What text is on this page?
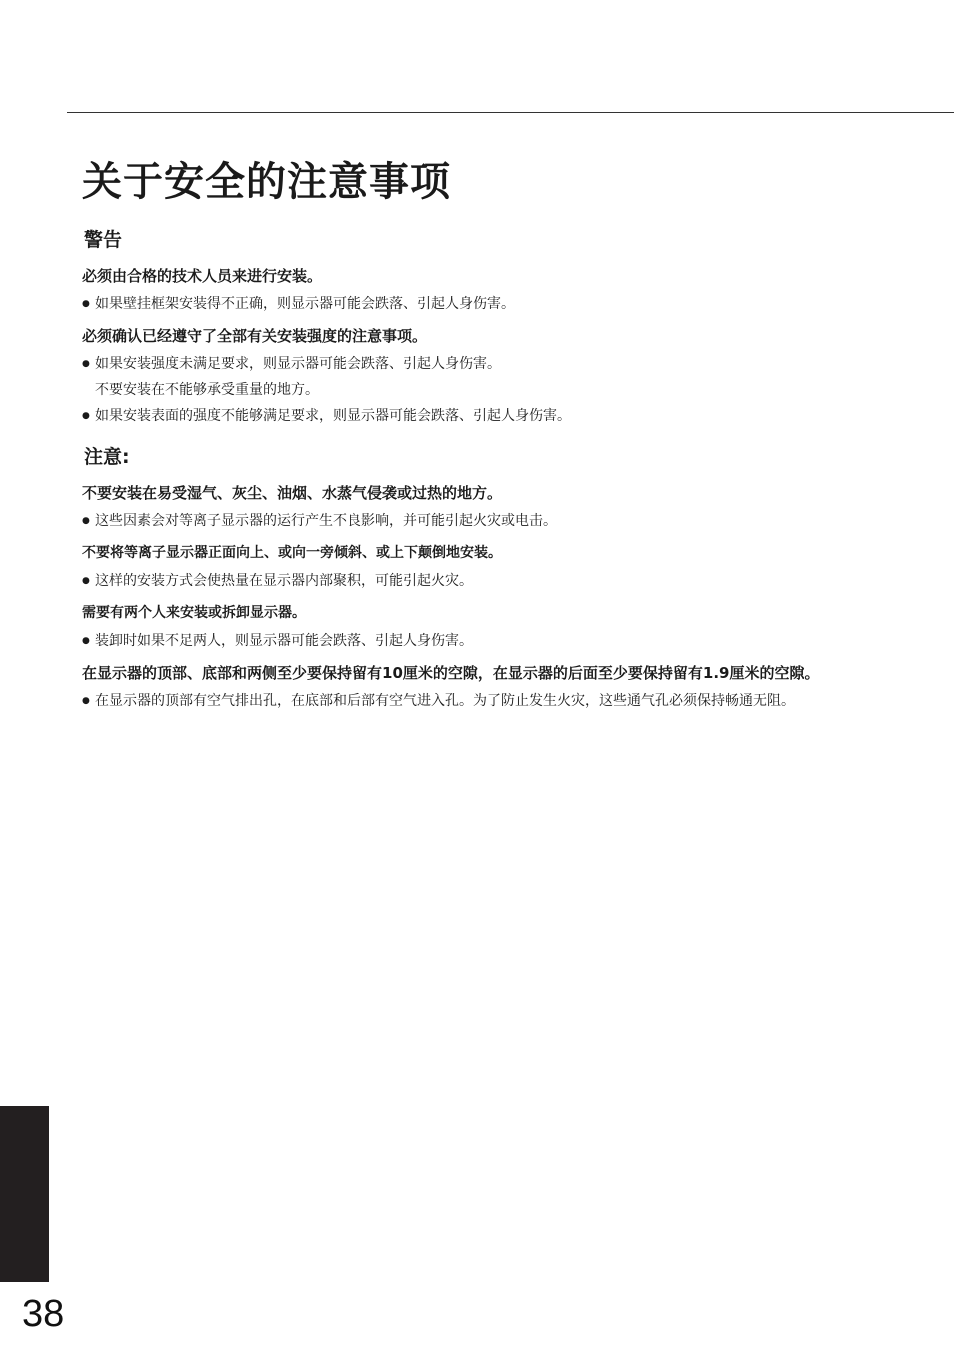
关于安全的注意事项
警告
必须由合格的技术人员来进行安装。
● 如果壁挂框架安装得不正确，则显示器可能会跌落、引起人身伤害。
必须确认已经遵守了全部有关安装强度的注意事项。
● 如果安装强度未满足要求，则显示器可能会跌落、引起人身伤害。
不要安装在不能够承受重量的地方。
● 如果安装表面的强度不能够满足要求，则显示器可能会跌落、引起人身伤害。
注意:
不要安装在易受湿气、灰尘、油烟、水蒸气侵袭或过热的地方。
● 这些因素会对等离子显示器的运行产生不良影响，并可能引起火灾或电击。
不要将等离子显示器正面向上、或向一旁倾斜、或上下颠倒地安装。
● 这样的安装方式会使热量在显示器内部聚积，可能引起火灾。
需要有两个人来安装或拆卸显示器。
● 装卸时如果不足两人，则显示器可能会跌落、引起人身伤害。
在显示器的顶部、底部和两侧至少要保持留有10厘米的空隙，在显示器的后面至少要保持留有1.9厘米的空隙。
● 在显示器的顶部有空气排出孔，在底部和后部有空气进入孔。为了防止发生火灾，这些通气孔必须保持畅通无阻。
38
